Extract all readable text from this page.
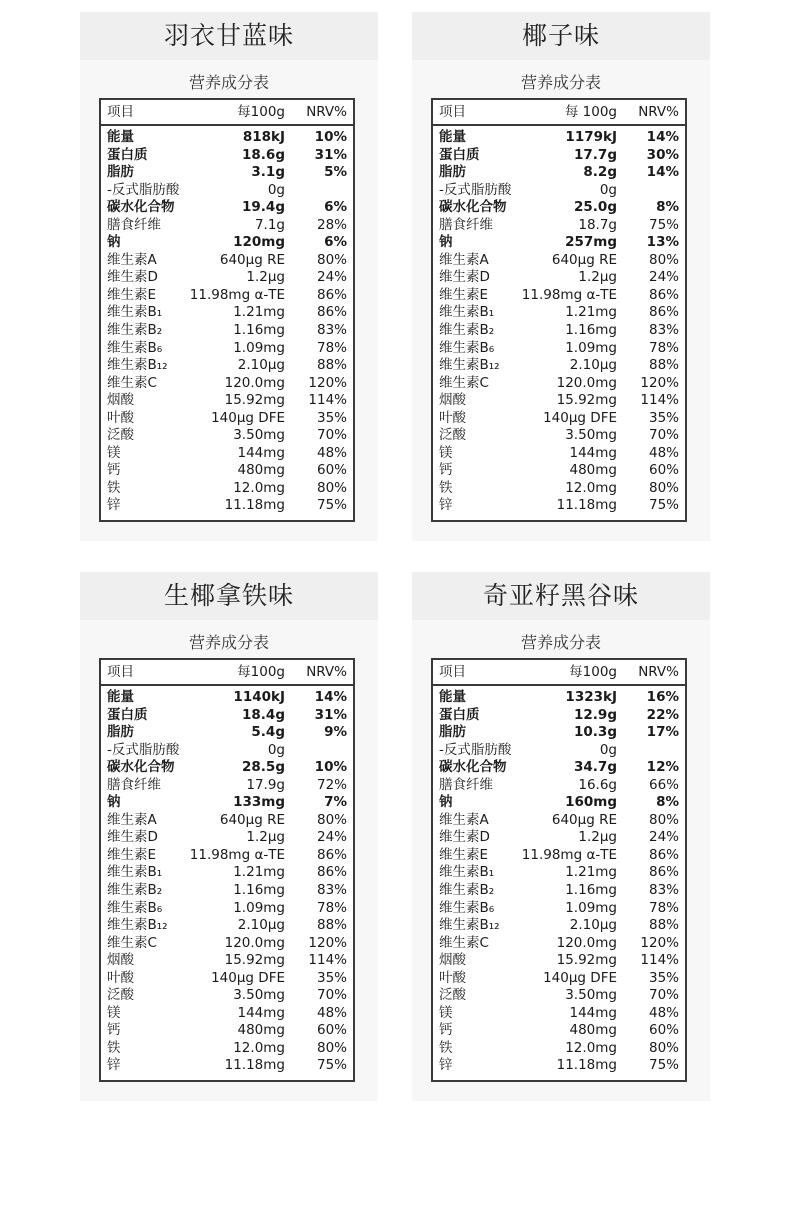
羽衣甘蓝味
营养成分表
项目	每100g	NRV%
能量	818kJ	10%
蛋白质	18.6g	31%
脂肪	3.1g	5%
-反式脂肪酸	0g
碳水化合物	19.4g	6%
膳食纤维	7.1g	28%
钠	120mg	6%
维生素A	640μg RE	80%
维生素D	1.2μg	24%
维生素E	11.98mg α-TE	86%
维生素B₁	1.21mg	86%
维生素B₂	1.16mg	83%
维生素B₆	1.09mg	78%
维生素B₁₂	2.10μg	88%
维生素C	120.0mg	120%
烟酸	15.92mg	114%
叶酸	140μg DFE	35%
泛酸	3.50mg	70%
镁	144mg	48%
钙	480mg	60%
铁	12.0mg	80%
锌	11.18mg	75%
椰子味
营养成分表
项目	每 100g	NRV%
能量	1179kJ	14%
蛋白质	17.7g	30%
脂肪	8.2g	14%
-反式脂肪酸	0g
碳水化合物	25.0g	8%
膳食纤维	18.7g	75%
钠	257mg	13%
维生素A	640μg RE	80%
维生素D	1.2μg	24%
维生素E	11.98mg α-TE	86%
维生素B₁	1.21mg	86%
维生素B₂	1.16mg	83%
维生素B₆	1.09mg	78%
维生素B₁₂	2.10μg	88%
维生素C	120.0mg	120%
烟酸	15.92mg	114%
叶酸	140μg DFE	35%
泛酸	3.50mg	70%
镁	144mg	48%
钙	480mg	60%
铁	12.0mg	80%
锌	11.18mg	75%
生椰拿铁味
营养成分表
项目	每100g	NRV%
能量	1140kJ	14%
蛋白质	18.4g	31%
脂肪	5.4g	9%
-反式脂肪酸	0g
碳水化合物	28.5g	10%
膳食纤维	17.9g	72%
钠	133mg	7%
维生素A	640μg RE	80%
维生素D	1.2μg	24%
维生素E	11.98mg α-TE	86%
维生素B₁	1.21mg	86%
维生素B₂	1.16mg	83%
维生素B₆	1.09mg	78%
维生素B₁₂	2.10μg	88%
维生素C	120.0mg	120%
烟酸	15.92mg	114%
叶酸	140μg DFE	35%
泛酸	3.50mg	70%
镁	144mg	48%
钙	480mg	60%
铁	12.0mg	80%
锌	11.18mg	75%
奇亚籽黑谷味
营养成分表
项目	每100g	NRV%
能量	1323kJ	16%
蛋白质	12.9g	22%
脂肪	10.3g	17%
-反式脂肪酸	0g
碳水化合物	34.7g	12%
膳食纤维	16.6g	66%
钠	160mg	8%
维生素A	640μg RE	80%
维生素D	1.2μg	24%
维生素E	11.98mg α-TE	86%
维生素B₁	1.21mg	86%
维生素B₂	1.16mg	83%
维生素B₆	1.09mg	78%
维生素B₁₂	2.10μg	88%
维生素C	120.0mg	120%
烟酸	15.92mg	114%
叶酸	140μg DFE	35%
泛酸	3.50mg	70%
镁	144mg	48%
钙	480mg	60%
铁	12.0mg	80%
锌	11.18mg	75%
